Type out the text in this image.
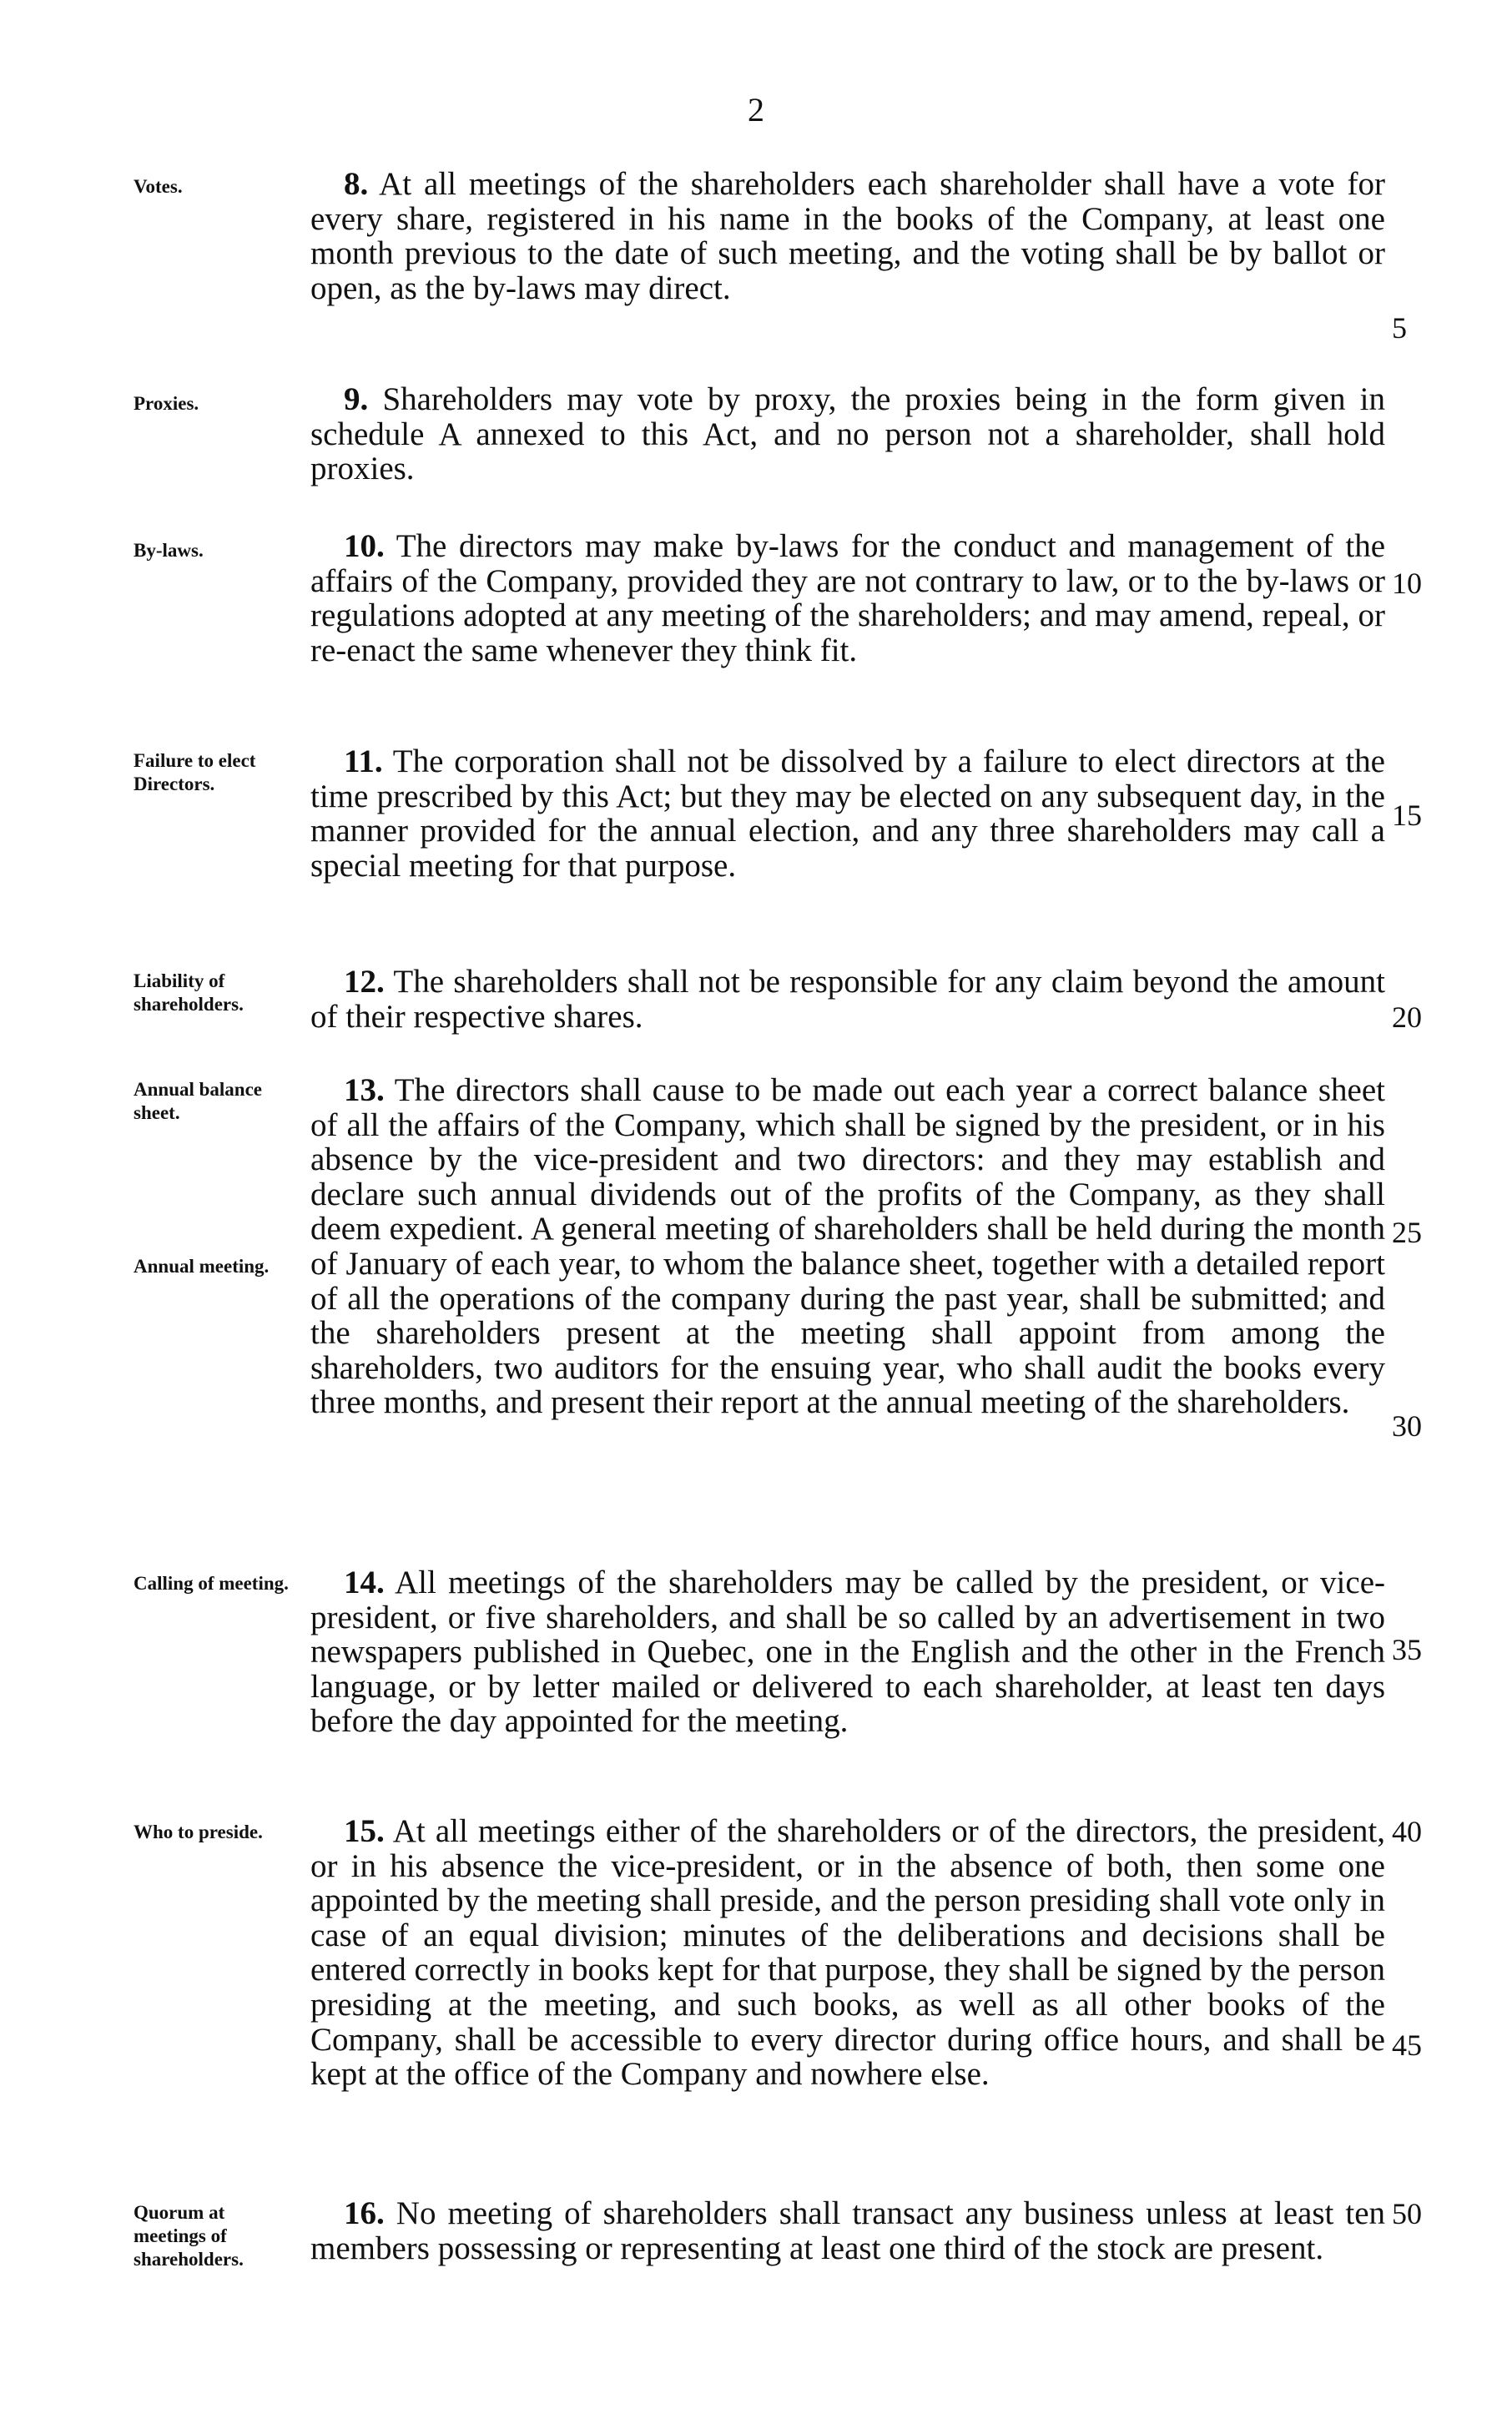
2
Votes.	8. At all meetings of the shareholders each shareholder shall have a vote for every share, registered in his name in the books of the Company, at least one month previous to the date of such meeting, and the voting shall be by ballot or open, as the by-laws may direct.
Proxies.	9. Shareholders may vote by proxy, the proxies being in the form given in schedule A annexed to this Act, and no person not a shareholder, shall hold proxies.
By-laws.	10. The directors may make by-laws for the conduct and management of the affairs of the Company, provided they are not contrary to law, or to the by-laws or regulations adopted at any meeting of the shareholders; and may amend, repeal, or re-enact the same whenever they think fit.
Failure to elect Directors.
11. The corporation shall not be dissolved by a failure to elect directors at the time prescribed by this Act; but they may be elected on any subsequent day, in the manner provided for the annual election, and any three shareholders may call a special meeting for that purpose.
Liability of shareholders.
12. The shareholders shall not be responsible for any claim beyond the amount of their respective shares.
Annual balance sheet.
Annual meeting.
13. The directors shall cause to be made out each year a correct balance sheet of all the affairs of the Company, which shall be signed by the president, or in his absence by the vice-president and two directors: and they may establish and declare such annual dividends out of the profits of the Company, as they shall deem expedient. A general meeting of shareholders shall be held during the month of January of each year, to whom the balance sheet, together with a detailed report of all the operations of the company during the past year, shall be submitted; and the shareholders present at the meeting shall appoint from among the shareholders, two auditors for the ensuing year, who shall audit the books every three months, and present their report at the annual meeting of the shareholders.
Calling of meeting.	14. All meetings of the shareholders may be called by the president, or vice-president, or five shareholders, and shall be so called by an advertisement in two newspapers published in Quebec, one in the English and the other in the French language, or by letter mailed or delivered to each shareholder, at least ten days before the day appointed for the meeting.
Who to preside.	15. At all meetings either of the shareholders or of the directors, the president, or in his absence the vice-president, or in the absence of both, then some one appointed by the meeting shall preside, and the person presiding shall vote only in case of an equal division; minutes of the deliberations and decisions shall be entered correctly in books kept for that purpose, they shall be signed by the person presiding at the meeting, and such books, as well as all other books of the Company, shall be accessible to every director during office hours, and shall be kept at the office of the Company and nowhere else.
Quorum at meetings of shareholders.
16. No meeting of shareholders shall transact any business unless at least ten members possessing or representing at least one third of the stock are present.
5
10
15
20
25
30
35
40
45
50
